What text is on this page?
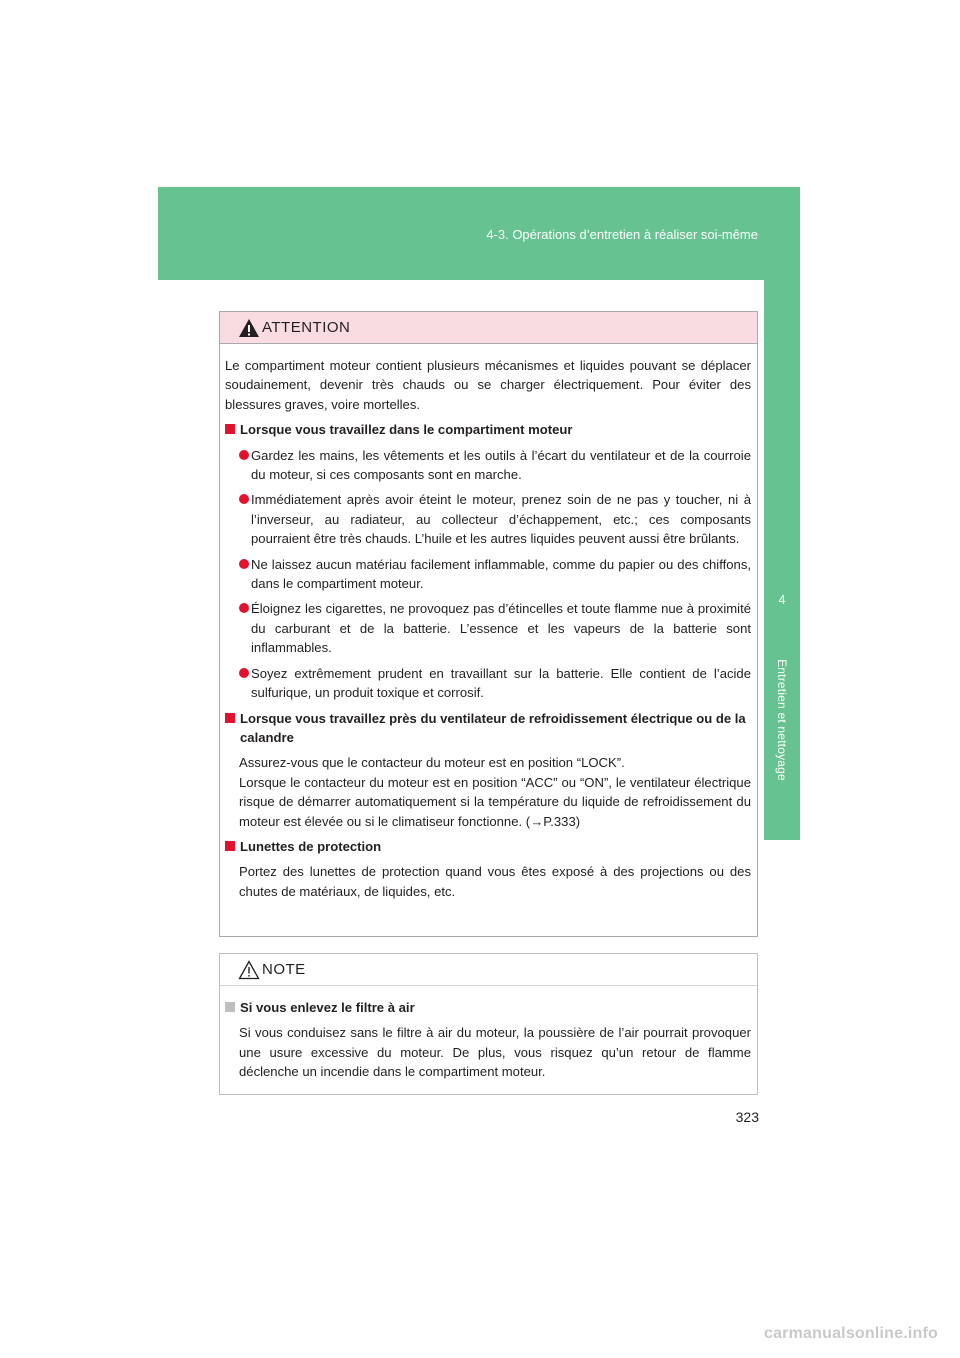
4-3. Opérations d’entretien à réaliser soi-même
4
Entretien et nettoyage
ATTENTION

Le compartiment moteur contient plusieurs mécanismes et liquides pouvant se déplacer soudainement, devenir très chauds ou se charger électriquement. Pour éviter des blessures graves, voire mortelles.

Lorsque vous travaillez dans le compartiment moteur
Gardez les mains, les vêtements et les outils à l’écart du ventilateur et de la courroie du moteur, si ces composants sont en marche.
Immédiatement après avoir éteint le moteur, prenez soin de ne pas y toucher, ni à l’inverseur, au radiateur, au collecteur d’échappement, etc.; ces composants pourraient être très chauds. L’huile et les autres liquides peuvent aussi être brûlants.
Ne laissez aucun matériau facilement inflammable, comme du papier ou des chiffons, dans le compartiment moteur.
Éloignez les cigarettes, ne provoquez pas d’étincelles et toute flamme nue à proximité du carburant et de la batterie. L’essence et les vapeurs de la batterie sont inflammables.
Soyez extrêmement prudent en travaillant sur la batterie. Elle contient de l’acide sulfurique, un produit toxique et corrosif.
Lorsque vous travaillez près du ventilateur de refroidissement électrique ou de la calandre
Assurez-vous que le contacteur du moteur est en position “LOCK”.
Lorsque le contacteur du moteur est en position “ACC” ou “ON”, le ventilateur électrique risque de démarrer automatiquement si la température du liquide de refroidissement du moteur est élevée ou si le climatiseur fonctionne. (→P.333)
Lunettes de protection
Portez des lunettes de protection quand vous êtes exposé à des projections ou des chutes de matériaux, de liquides, etc.
NOTE
Si vous enlevez le filtre à air
Si vous conduisez sans le filtre à air du moteur, la poussière de l’air pourrait provoquer une usure excessive du moteur. De plus, vous risquez qu’un retour de flamme déclenche un incendie dans le compartiment moteur.
323
carmanualsonline.info
